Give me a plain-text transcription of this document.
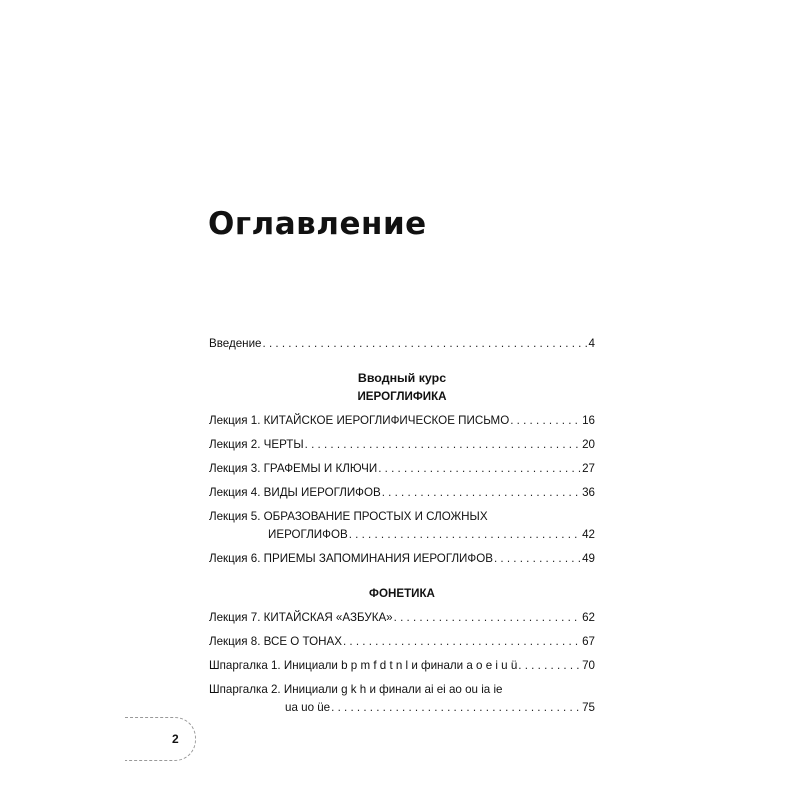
Оглавление
Введение . . .	4
Вводный курс
ИЕРОГЛИФИКА
Лекция 1. КИТАЙСКОЕ ИЕРОГЛИФИЧЕСКОЕ ПИСЬМО . . .	16
Лекция 2. ЧЕРТЫ . . .	20
Лекция 3. ГРАФЕМЫ И КЛЮЧИ . . .	27
Лекция 4. ВИДЫ ИЕРОГЛИФОВ . . .	36
Лекция 5. ОБРАЗОВАНИЕ ПРОСТЫХ И СЛОЖНЫХ
ИЕРОГЛИФОВ . . .	42
Лекция 6. ПРИЕМЫ ЗАПОМИНАНИЯ ИЕРОГЛИФОВ . . .	49
ФОНЕТИКА
Лекция 7. КИТАЙСКАЯ «АЗБУКА» . . .	62
Лекция 8. ВСЕ О ТОНАХ . . .	67
Шпаргалка 1. Инициали b p m f d t n l и финали a o e i u ü . . .	70
Шпаргалка 2. Инициали g k h и финали ai ei ao ou ia ie
ua uo üe . . .	75
2
